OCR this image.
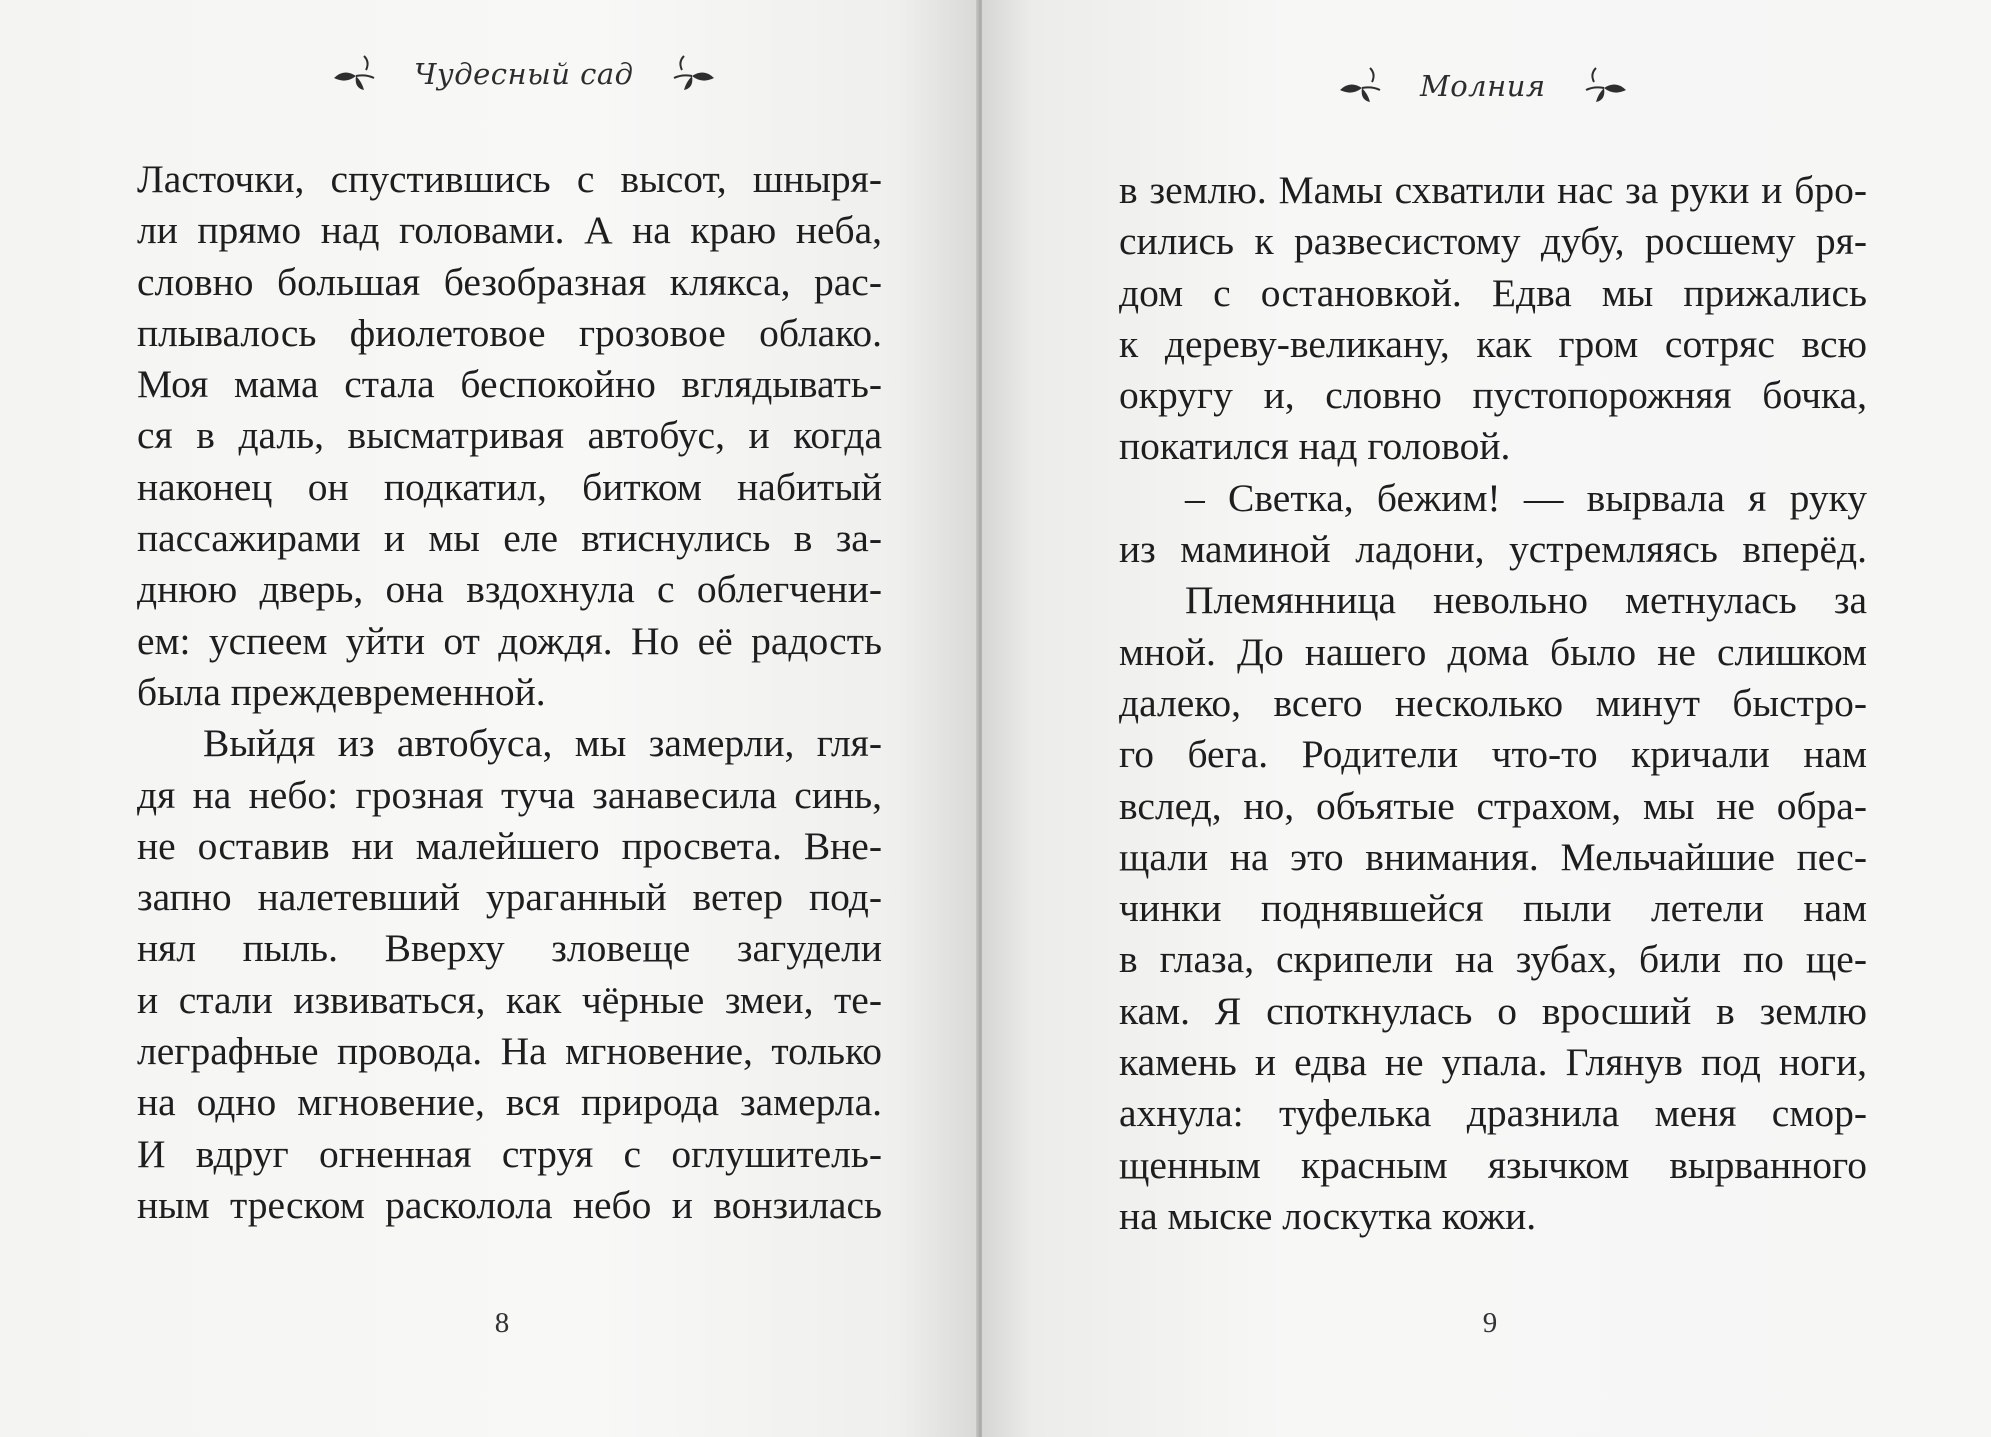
Чудесный сад
Ласточки, спустившись с высот, шныря-
ли прямо над головами. А на краю неба,
словно большая безобразная клякса, рас-
плывалось фиолетовое грозовое облако.
Моя мама стала беспокойно вглядывать-
ся в даль, высматривая автобус, и когда
наконец он подкатил, битком набитый
пассажирами и мы еле втиснулись в за-
днюю дверь, она вздохнула с облегчени-
ем: успеем уйти от дождя. Но её радость
была преждевременной.
Выйдя из автобуса, мы замерли, гля-
дя на небо: грозная туча занавесила синь,
не оставив ни малейшего просвета. Вне-
запно налетевший ураганный ветер под-
нял пыль. Вверху зловеще загудели
и стали извиваться, как чёрные змеи, те-
леграфные провода. На мгновение, только
на одно мгновение, вся природа замерла.
И вдруг огненная струя с оглушитель-
ным треском расколола небо и вонзилась
8
Молния
в землю. Мамы схватили нас за руки и бро-
сились к развесистому дубу, росшему ря-
дом с остановкой. Едва мы прижались
к дереву-великану, как гром сотряс всю
округу и, словно пустопорожняя бочка,
покатился над головой.
– Светка, бежим! — вырвала я руку
из маминой ладони, устремляясь вперёд.
Племянница невольно метнулась за
мной. До нашего дома было не слишком
далеко, всего несколько минут быстро-
го бега. Родители что-то кричали нам
вслед, но, объятые страхом, мы не обра-
щали на это внимания. Мельчайшие пес-
чинки поднявшейся пыли летели нам
в глаза, скрипели на зубах, били по ще-
кам. Я споткнулась о вросший в землю
камень и едва не упала. Глянув под ноги,
ахнула: туфелька дразнила меня смор-
щенным красным язычком вырванного
на мыске лоскутка кожи.
9
